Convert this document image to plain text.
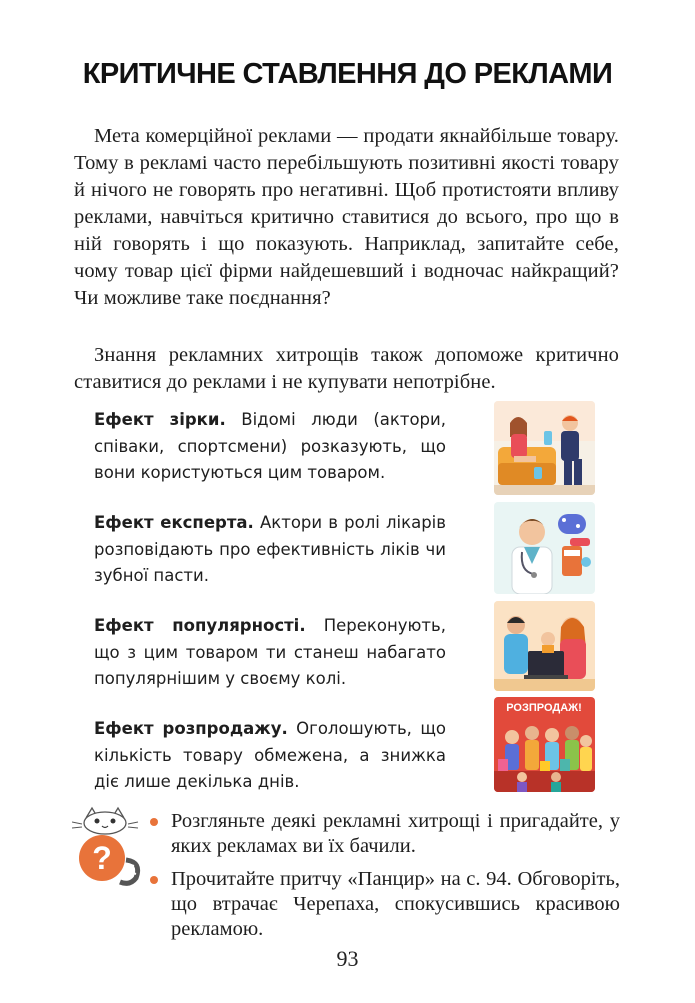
КРИТИЧНЕ СТАВЛЕННЯ ДО РЕКЛАМИ

Мета комерційної реклами — продати якнайбільше товару. Тому в рекламі часто перебільшують позитивні якості товару й нічого не говорять про негативні. Щоб протистояти впливу реклами, навчіться критично ставитися до всього, про що в ній говорять і що показують. Наприклад, запитайте себе, чому товар цієї фірми найдешевший і водночас найкращий? Чи можливе таке поєднання?

Знання рекламних хитрощів також допоможе критично ставитися до реклами і не купувати непотрібне.

Ефект зірки. Відомі люди (актори, співаки, спортсмени) розказують, що вони користуються цим товаром.

Ефект експерта. Актори в ролі лікарів розповідають про ефективність ліків чи зубної пасти.

Ефект популярності. Переконують, що з цим товаром ти станеш набагато популярнішим у своєму колі.

Ефект розпродажу. Оголошують, що кількість товару обмежена, а знижка діє лише декілька днів.

РОЗПРОДАЖ!
?
Розгляньте деякі рекламні хитрощі і пригадайте, у яких рекламах ви їх бачили.
Прочитайте притчу «Панцир» на с. 94. Обговоріть, що втрачає Черепаха, спокусившись красивою рекламою.
93
